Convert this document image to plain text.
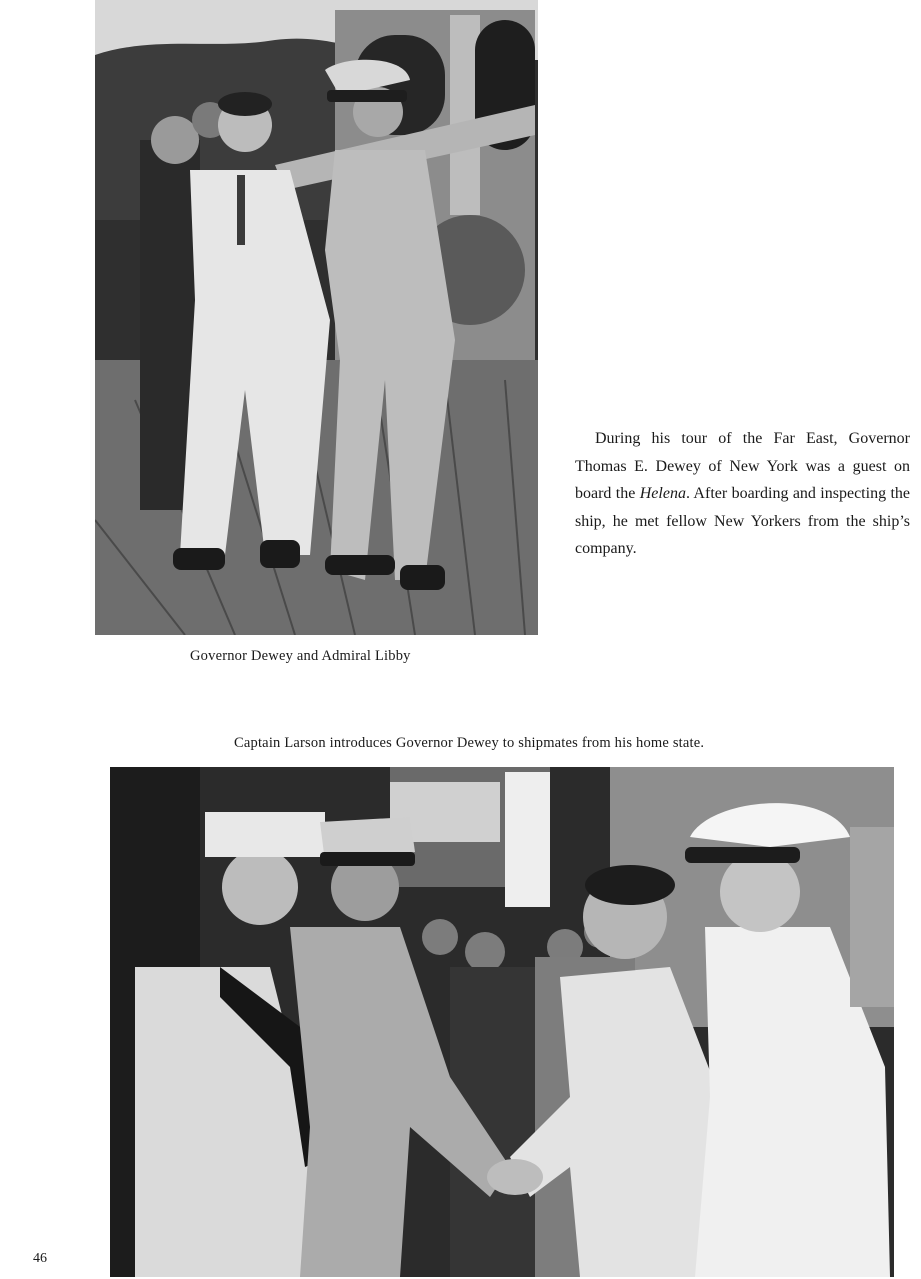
During his tour of the Far East, Governor Thomas E. Dewey of New York was a guest on board the Helena. After boarding and inspecting the ship, he met fellow New Yorkers from the ship’s company.

Governor Dewey and Admiral Libby
Captain Larson introduces Governor Dewey to shipmates from his home state.
46
